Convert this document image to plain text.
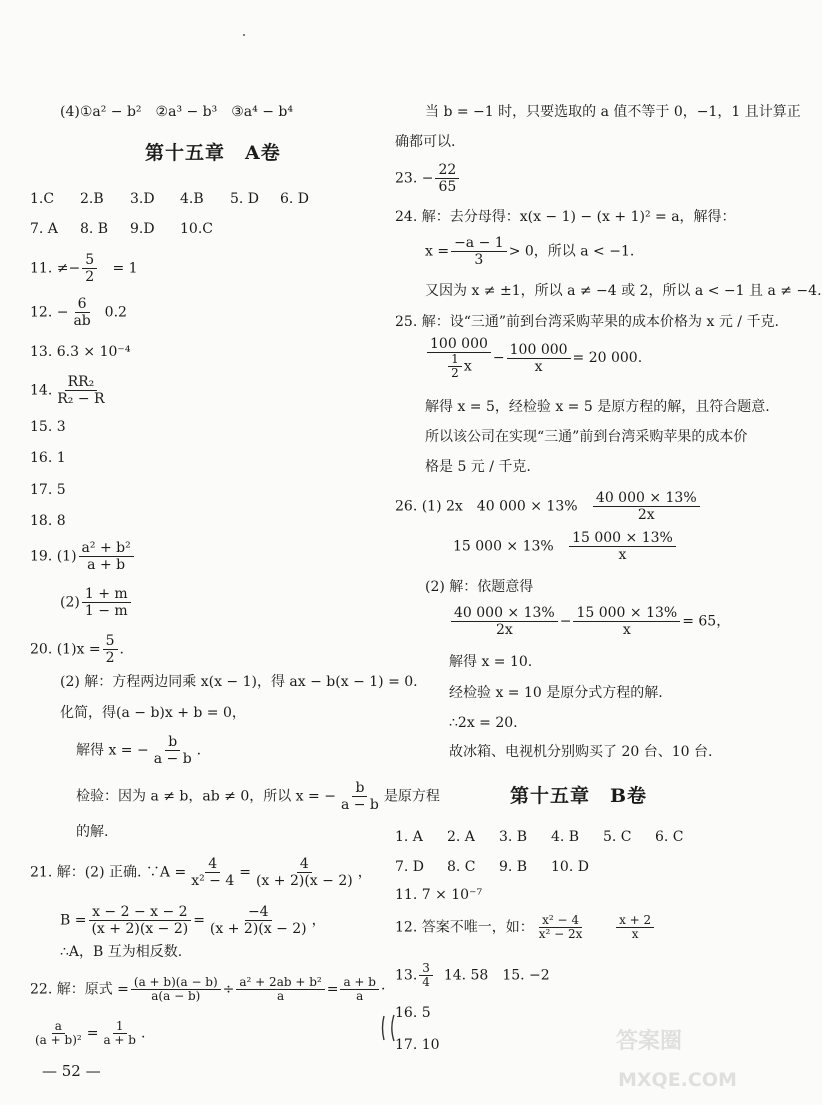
(4)①a² − b²　②a³ − b³　③a⁴ − b⁴
第十五章　A卷
1.C 2.B 3.D 4.B 5. D 6. D
7. A 8. B 9.D 10.C
11. ≠− $\frac{5}{2} = 1$
12. − $\frac{6}{ab} 0.2$
13. 6.3 × 10⁻⁴
14. $\frac{\text{RR₂}}{\text{R₂ − R}}$
15. 3
16. 1
17. 5
18. 8
19. $(1) \frac{\text{a² + b²}}{a + b}$
$(2) \frac{1 + m}{1 - m}$
20. $(1)x = \frac{5}{2}$ .
(2) 解：方程两边同乘 x(x − 1)，得 ax − b(x − 1) = 0.
化简，得(a − b)x + b = 0，
解得 x = − $\frac{b}{a - b}$ .
检验：因为 a ≠ b，ab ≠ 0，所以 x = − $\frac{b}{a - b}$ 是原方程
的解.
21. 解：(2) 正确. ∵A = $\frac{4}{\text{x² − 4}} = \frac{4}{(x + 2)(x - 2)}$ ，
$B = \frac{x - 2 - x - 2}{(x + 2)(x - 2)} = \frac{-4}{(x + 2)(x - 2)}$ ，
∴A，B 互为相反数.
22. 解：原式 = $\frac{(a + b)(a - b)}{a(a - b)} \div \frac{\text{a² + 2ab + b²}}{a} = \frac{a + b}{a}$ ·
$\frac{a}{\text{(a + b)²}} = \frac{1}{a + b}$ .
— 52 —
当 b = −1 时，只要选取的 a 值不等于 0，−1，1 且计算正
确都可以.
23. − $\frac{22}{65}$
24. 解：去分母得：x(x − 1) − (x + 1)² = a，解得：
$x = \frac{-a - 1}{3} > 0$，所以 a < −1.
又因为 x ≠ ±1，所以 a ≠ −4 或 2，所以 a < −1 且 a ≠ −4.
25. 解：设“三通”前到台湾采购苹果的成本价格为 x 元 / 千克.
$\frac{100 000}{\frac{1}{2} x} - \frac{100 000}{x} = 20$ 000.
解得 x = 5，经检验 x = 5 是原方程的解，且符合题意.
所以该公司在实现“三通”前到台湾采购苹果的成本价
格是 5 元 / 千克.
26. (1) 2x　40 $000 \times 13\% \frac{40 000 \times 13\%}{2x}$
15 $000 \times 13\% \frac{15 000 \times 13\%}{x}$
(2) 解：依题意得
$\frac{40 000 \times 13\%}{2x} - \frac{15 000 \times 13\%}{x} = 65$，
解得 x = 10.
经检验 x = 10 是原分式方程的解.
∴2x = 20.
故冰箱、电视机分别购买了 20 台、10 台.
第十五章　B卷
1. A 2. A 3. B 4. B 5. C 6. C
7. D 8. C 9. B 10. D
11. 7 × 10⁻⁷
12. 答案不唯一，如： $\frac{\text{x² − 4}}{\text{x² − 2x}}$
	$\frac{x + 2}{x}$
13. $\frac{3}{4} 14$. 58　15. −2
16. 5
17. 10	答案圈
MXQE.COM
